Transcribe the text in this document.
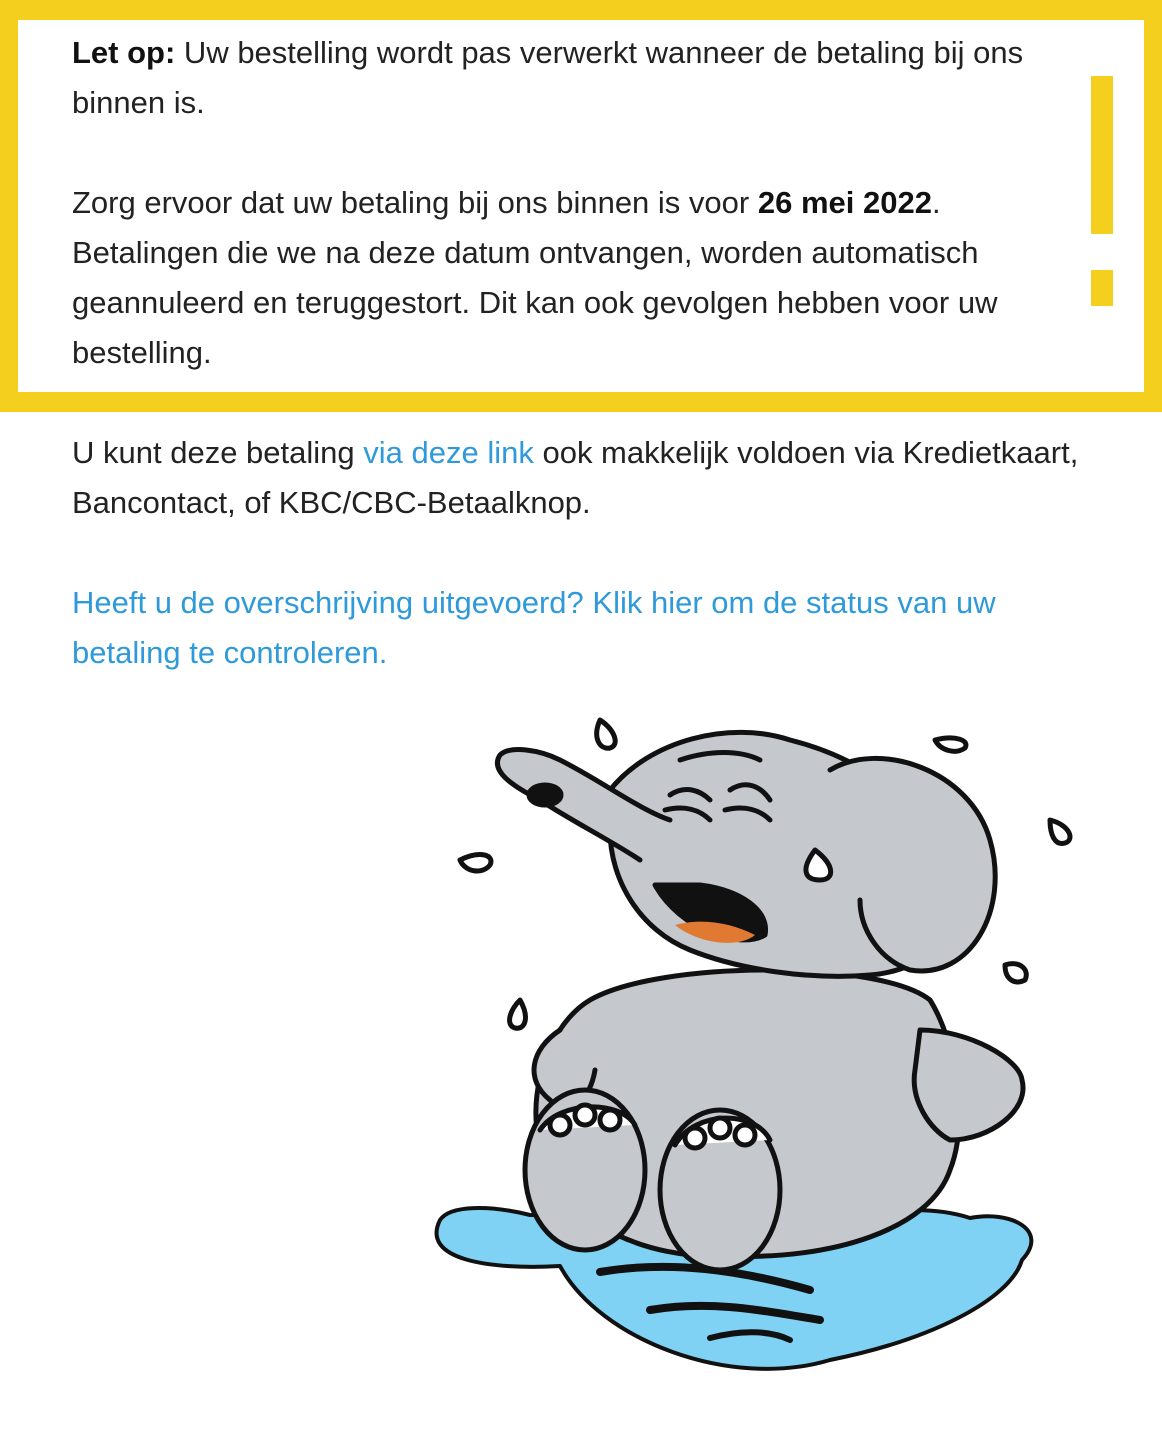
Let op: Uw bestelling wordt pas verwerkt wanneer de betaling bij ons binnen is.

Zorg ervoor dat uw betaling bij ons binnen is voor 26 mei 2022. Betalingen die we na deze datum ontvangen, worden automatisch geannuleerd en teruggestort. Dit kan ook gevolgen hebben voor uw bestelling.

U kunt deze betaling via deze link ook makkelijk voldoen via Kredietkaart, Bancontact, of KBC/CBC-Betaalknop.

Heeft u de overschrijving uitgevoerd? Klik hier om de status van uw betaling te controleren.
